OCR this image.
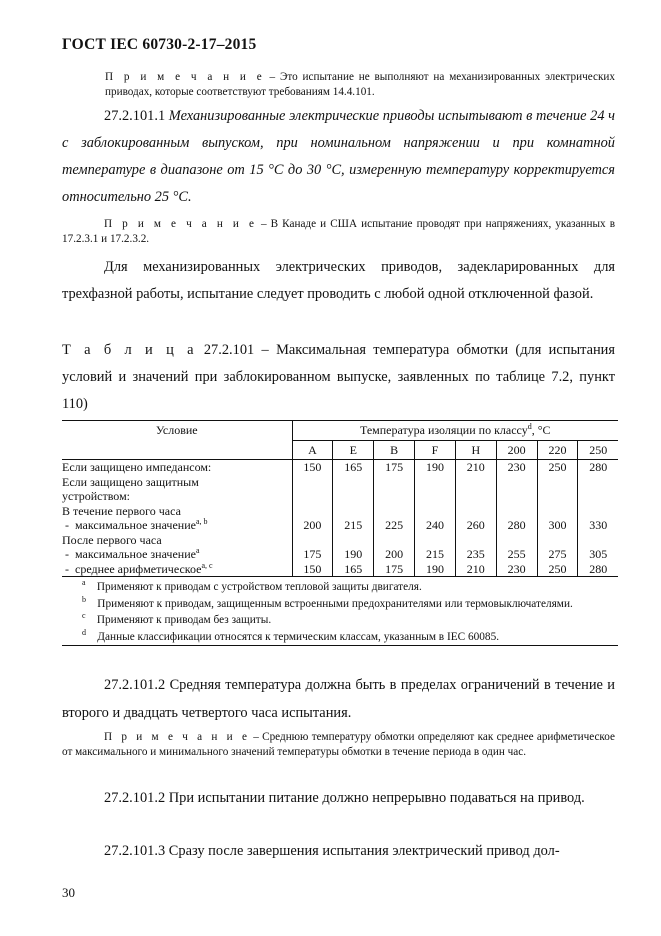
ГОСТ IEC 60730-2-17–2015
П р и м е ч а н и е – Это испытание не выполняют на механизированных электрических приводах, которые соответствуют требованиям 14.4.101.
27.2.101.1 Механизированные электрические приводы испытывают в течение 24 ч с заблокированным выпуском, при номинальном напряжении и при комнатной температуре в диапазоне от 15 °С до 30 °С, измеренную температуру корректируется относительно 25 °С.
П р и м е ч а н и е – В Канаде и США испытание проводят при напряжениях, указанных в 17.2.3.1 и 17.2.3.2.
Для механизированных электрических приводов, задекларированных для трехфазной работы, испытание следует проводить с любой одной отключенной фазой.
Т а б л и ц а 27.2.101 – Максимальная температура обмотки (для испытания условий и значений при заблокированном выпуске, заявленных по таблице 7.2, пункт 110)
Условие	Температура изоляции по классу$^d$, °С							
	A	E	B	F	H	200	220	250
Если защищено импедансом:	150	165	175	190	210	230	250	280
Если защищено защитным устройством:								
В течение первого часа								
-  максимальное значение$^{a, b}$	200	215	225	240	260	280	300	330
После первого часа								
-  максимальное значение$^a$	175	190	200	215	235	255	275	305
-  среднее арифметическое$^{a, c}$	150	165	175	190	210	230	250	280
$^a$ Применяют к приводам с устройством тепловой защиты двигателя.								
$^b$ Применяют к приводам, защищенным встроенными предохранителями или термовыключателями.								
$^c$ Применяют к приводам без защиты.								
$^d$ Данные классификации относятся к термическим классам, указанным в IEC 60085.								
27.2.101.2 Средняя температура должна быть в пределах ограничений в течение и второго и двадцать четвертого часа испытания.
П р и м е ч а н и е – Среднюю температуру обмотки определяют как среднее арифметическое от максимального и минимального значений температуры обмотки в течение периода в один час.
27.2.101.2 При испытании питание должно непрерывно подаваться на привод.
27.2.101.3 Сразу после завершения испытания электрический привод дол-
30
